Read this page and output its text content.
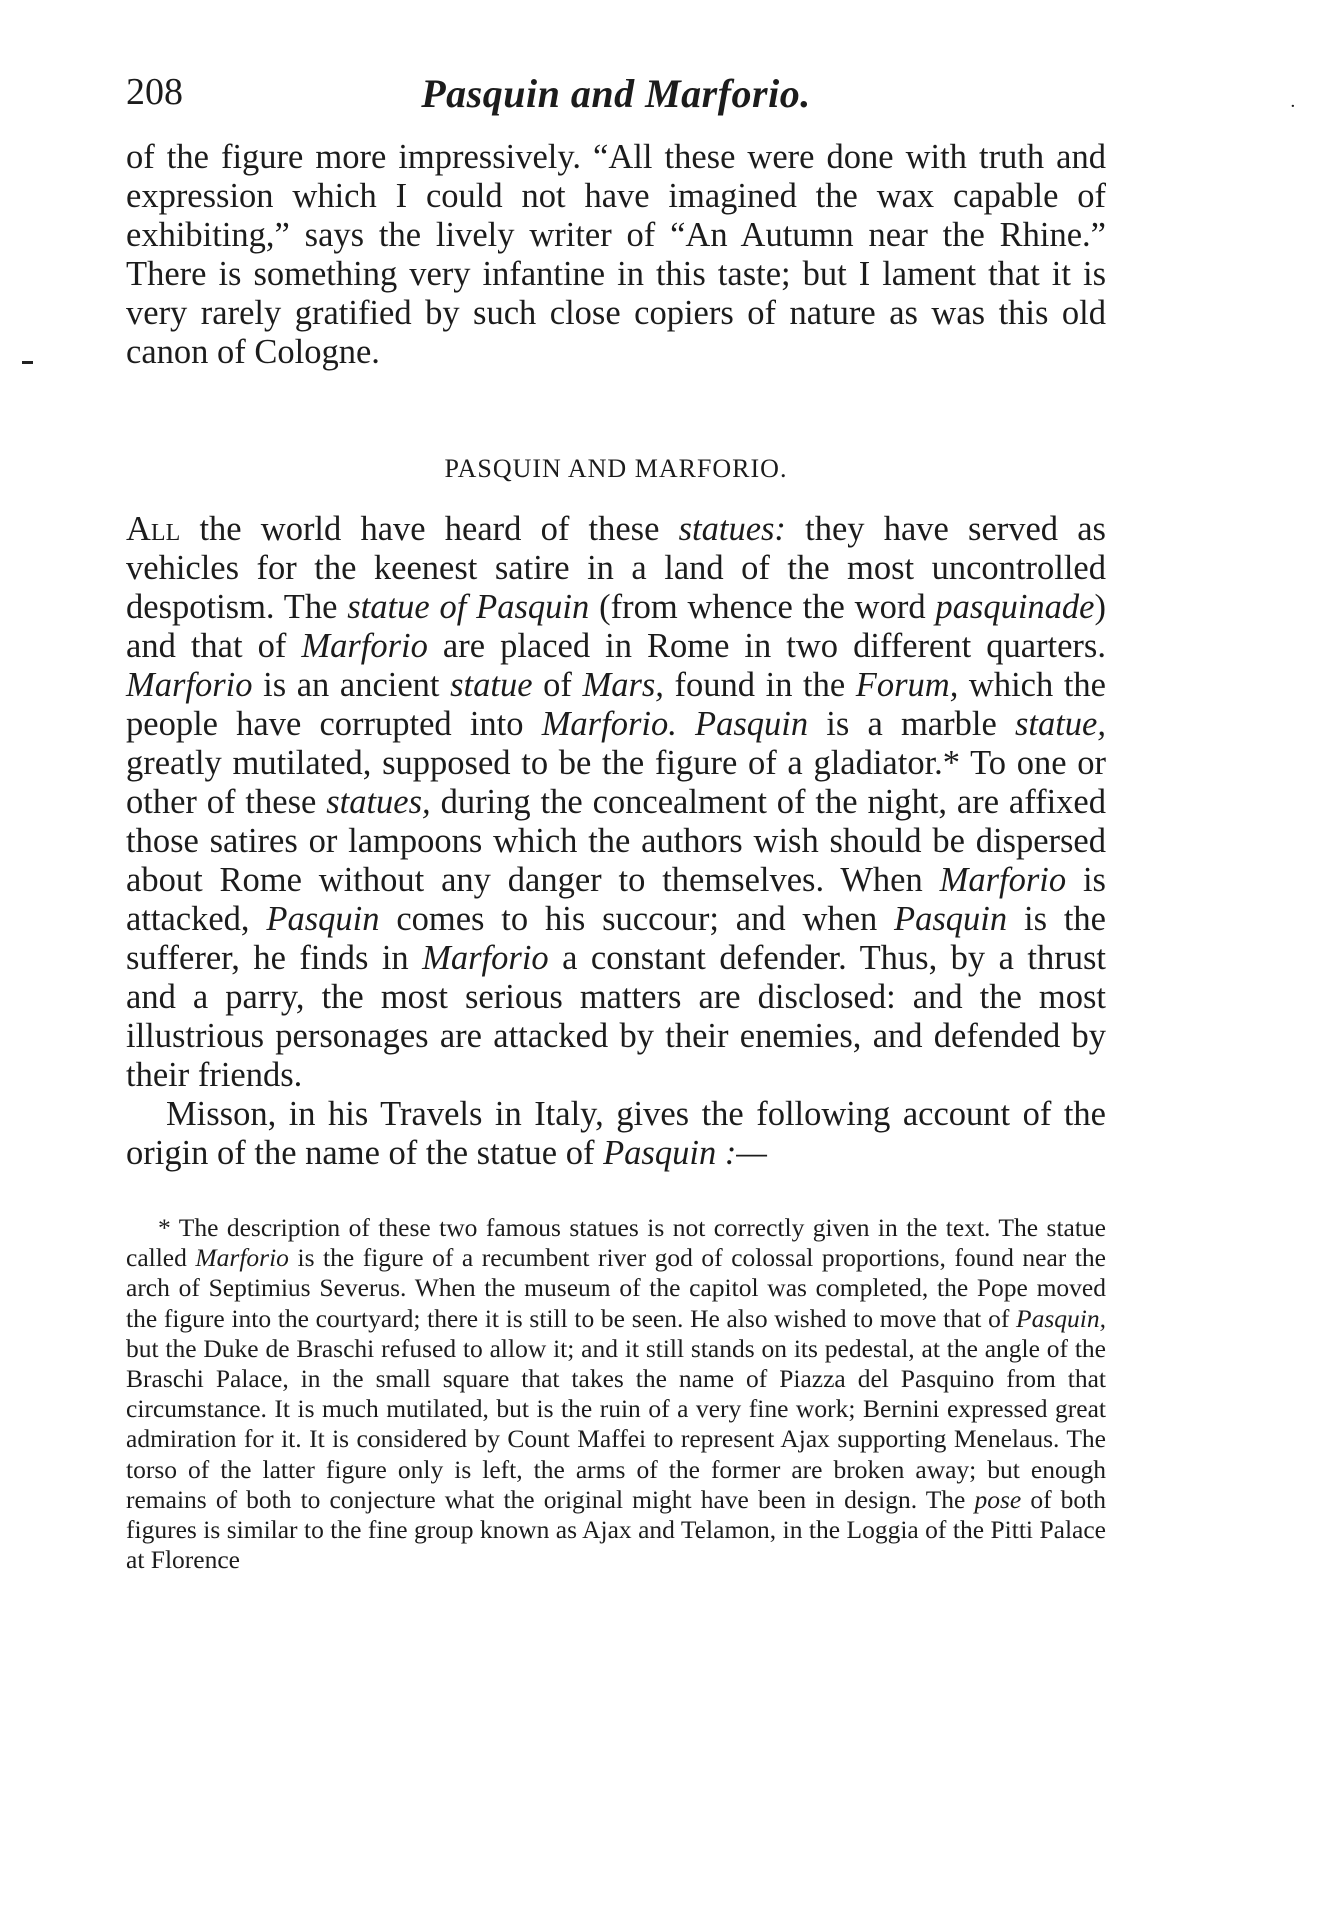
·
208	Pasquin and Marforio.

of the figure more impressively. “All these were done with truth and expression which I could not have imagined the wax capable of exhibiting,” says the lively writer of “An Autumn near the Rhine.” There is something very infantine in this taste; but I lament that it is very rarely gratified by such close copiers of nature as was this old canon of Cologne.

PASQUIN AND MARFORIO.

All the world have heard of these statues: they have served as vehicles for the keenest satire in a land of the most uncontrolled despotism. The statue of Pasquin (from whence the word pasquinade) and that of Marforio are placed in Rome in two different quarters. Marforio is an ancient statue of Mars, found in the Forum, which the people have corrupted into Marforio. Pasquin is a marble statue, greatly mutilated, supposed to be the figure of a gladiator.* To one or other of these statues, during the concealment of the night, are affixed those satires or lampoons which the authors wish should be dispersed about Rome without any danger to themselves. When Marforio is attacked, Pasquin comes to his succour; and when Pasquin is the sufferer, he finds in Marforio a constant defender. Thus, by a thrust and a parry, the most serious matters are disclosed: and the most illustrious personages are attacked by their enemies, and defended by their friends.

Misson, in his Travels in Italy, gives the following account of the origin of the name of the statue of Pasquin :—

* The description of these two famous statues is not correctly given in the text. The statue called Marforio is the figure of a recumbent river god of colossal proportions, found near the arch of Septimius Severus. When the museum of the capitol was completed, the Pope moved the figure into the courtyard; there it is still to be seen. He also wished to move that of Pasquin, but the Duke de Braschi refused to allow it; and it still stands on its pedestal, at the angle of the Braschi Palace, in the small square that takes the name of Piazza del Pasquino from that circumstance. It is much mutilated, but is the ruin of a very fine work; Bernini expressed great admiration for it. It is considered by Count Maffei to represent Ajax supporting Menelaus. The torso of the latter figure only is left, the arms of the former are broken away; but enough remains of both to conjecture what the original might have been in design. The pose of both figures is similar to the fine group known as Ajax and Telamon, in the Loggia of the Pitti Palace at Florence
